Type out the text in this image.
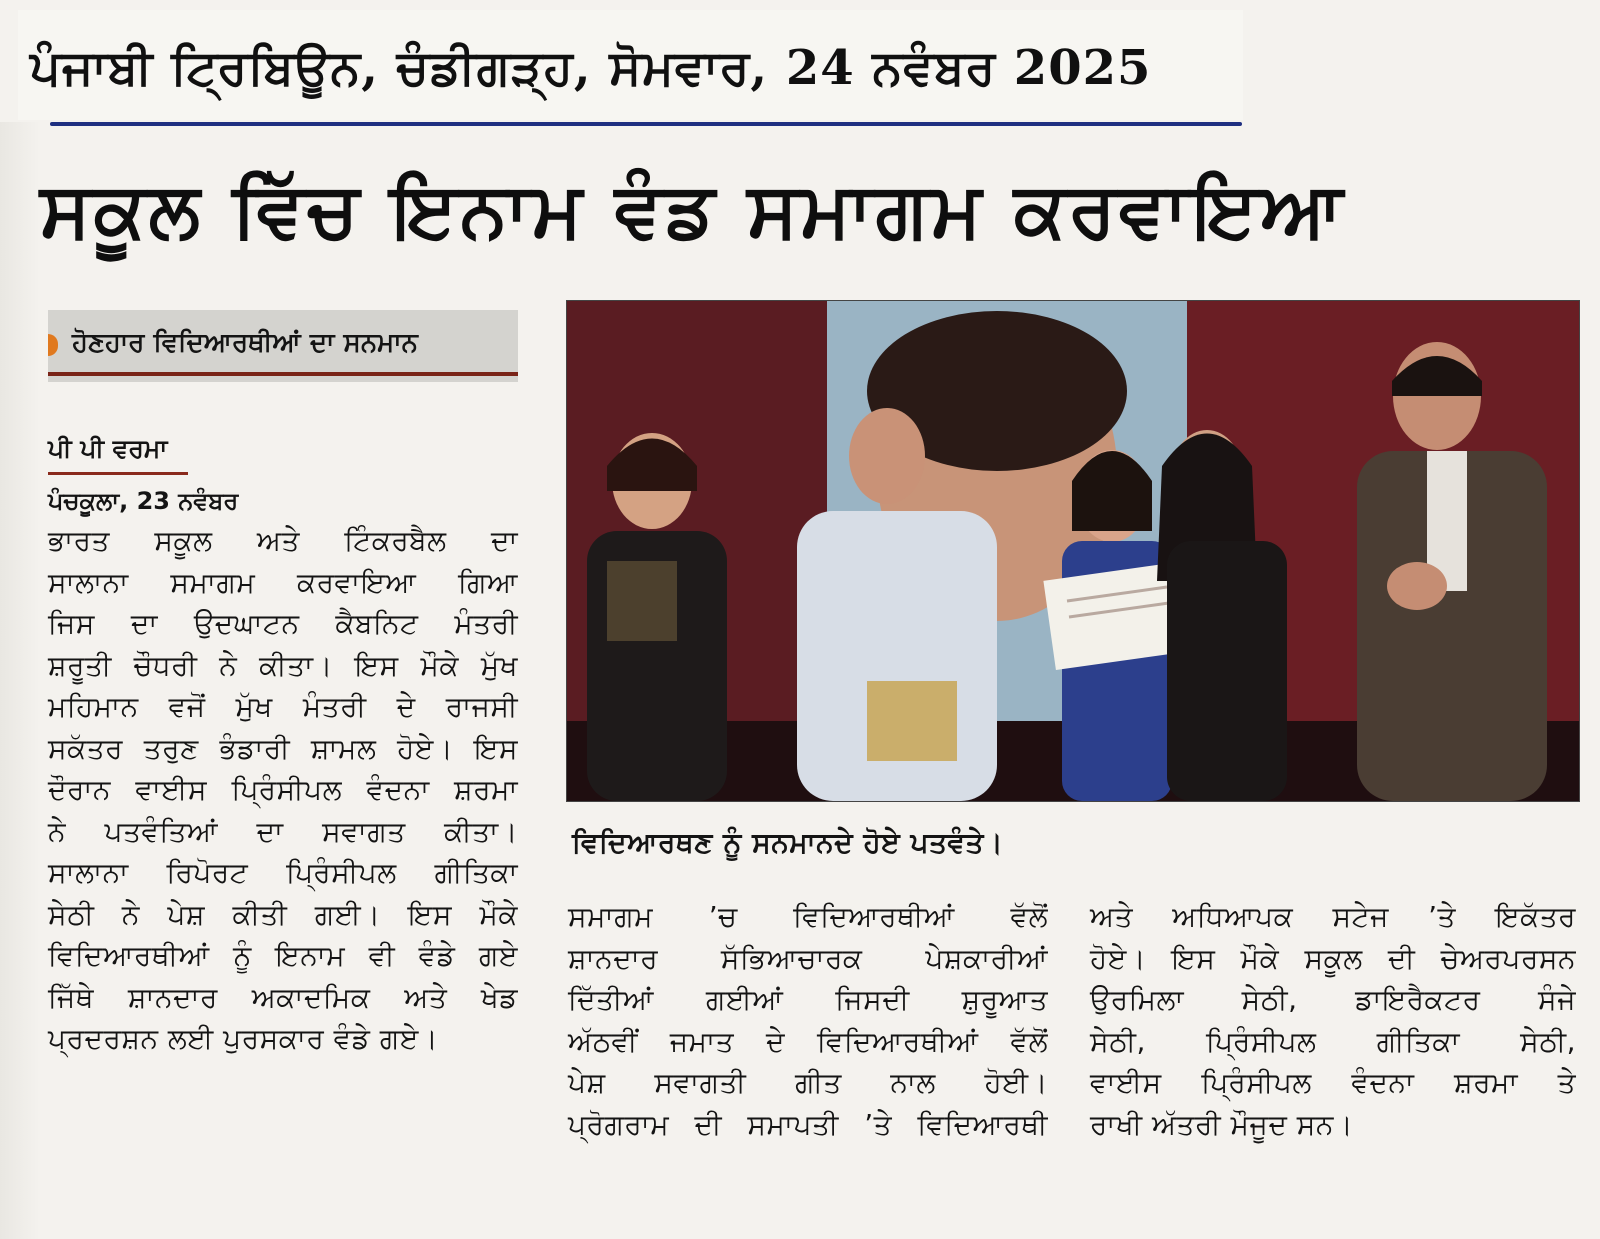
ਪੰਜਾਬੀ ਟ੍ਰਿਬਿਊਨ, ਚੰਡੀਗੜ੍ਹ, ਸੋਮਵਾਰ, 24 ਨਵੰਬਰ 2025
ਸਕੂਲ ਵਿੱਚ ਇਨਾਮ ਵੰਡ ਸਮਾਗਮ ਕਰਵਾਇਆ
ਹੋਣਹਾਰ ਵਿਦਿਆਰਥੀਆਂ ਦਾ ਸਨਮਾਨ
ਪੀ ਪੀ ਵਰਮਾ
ਪੰਚਕੂਲਾ, 23 ਨਵੰਬਰ

ਭਾਰਤ ਸਕੂਲ ਅਤੇ ਟਿੰਕਰਬੈਲ ਦਾ

ਸਾਲਾਨਾ ਸਮਾਗਮ ਕਰਵਾਇਆ ਗਿਆ

ਜਿਸ ਦਾ ਉਦਘਾਟਨ ਕੈਬਨਿਟ ਮੰਤਰੀ

ਸ਼ਰੂਤੀ ਚੌਧਰੀ ਨੇ ਕੀਤਾ। ਇਸ ਮੌਕੇ ਮੁੱਖ

ਮਹਿਮਾਨ ਵਜੋਂ ਮੁੱਖ ਮੰਤਰੀ ਦੇ ਰਾਜਸੀ

ਸਕੱਤਰ ਤਰੁਣ ਭੰਡਾਰੀ ਸ਼ਾਮਲ ਹੋਏ। ਇਸ

ਦੌਰਾਨ ਵਾਈਸ ਪ੍ਰਿੰਸੀਪਲ ਵੰਦਨਾ ਸ਼ਰਮਾ

ਨੇ ਪਤਵੰਤਿਆਂ ਦਾ ਸਵਾਗਤ ਕੀਤਾ।

ਸਾਲਾਨਾ ਰਿਪੋਰਟ ਪ੍ਰਿੰਸੀਪਲ ਗੀਤਿਕਾ

ਸੇਠੀ ਨੇ ਪੇਸ਼ ਕੀਤੀ ਗਈ। ਇਸ ਮੌਕੇ

ਵਿਦਿਆਰਥੀਆਂ ਨੂੰ ਇਨਾਮ ਵੀ ਵੰਡੇ ਗਏ

ਜਿੱਥੇ ਸ਼ਾਨਦਾਰ ਅਕਾਦਮਿਕ ਅਤੇ ਖੇਡ

ਪ੍ਰਦਰਸ਼ਨ ਲਈ ਪੁਰਸਕਾਰ ਵੰਡੇ ਗਏ।

ਵਿਦਿਆਰਥਣ ਨੂੰ ਸਨਮਾਨਦੇ ਹੋਏ ਪਤਵੰਤੇ।

ਸਮਾਗਮ ’ਚ ਵਿਦਿਆਰਥੀਆਂ ਵੱਲੋਂ

ਸ਼ਾਨਦਾਰ ਸੱਭਿਆਚਾਰਕ ਪੇਸ਼ਕਾਰੀਆਂ

ਦਿੱਤੀਆਂ ਗਈਆਂ ਜਿਸਦੀ ਸ਼ੁਰੂਆਤ

ਅੱਠਵੀਂ ਜਮਾਤ ਦੇ ਵਿਦਿਆਰਥੀਆਂ ਵੱਲੋਂ

ਪੇਸ਼ ਸਵਾਗਤੀ ਗੀਤ ਨਾਲ ਹੋਈ।

ਪ੍ਰੋਗਰਾਮ ਦੀ ਸਮਾਪਤੀ ’ਤੇ ਵਿਦਿਆਰਥੀ

ਅਤੇ ਅਧਿਆਪਕ ਸਟੇਜ ’ਤੇ ਇਕੱਤਰ

ਹੋਏ। ਇਸ ਮੌਕੇ ਸਕੂਲ ਦੀ ਚੇਅਰਪਰਸਨ

ਉਰਮਿਲਾ ਸੇਠੀ, ਡਾਇਰੈਕਟਰ ਸੰਜੇ

ਸੇਠੀ, ਪ੍ਰਿੰਸੀਪਲ ਗੀਤਿਕਾ ਸੇਠੀ,

ਵਾਈਸ ਪ੍ਰਿੰਸੀਪਲ ਵੰਦਨਾ ਸ਼ਰਮਾ ਤੇ

ਰਾਖੀ ਅੱਤਰੀ ਮੌਜੂਦ ਸਨ।
